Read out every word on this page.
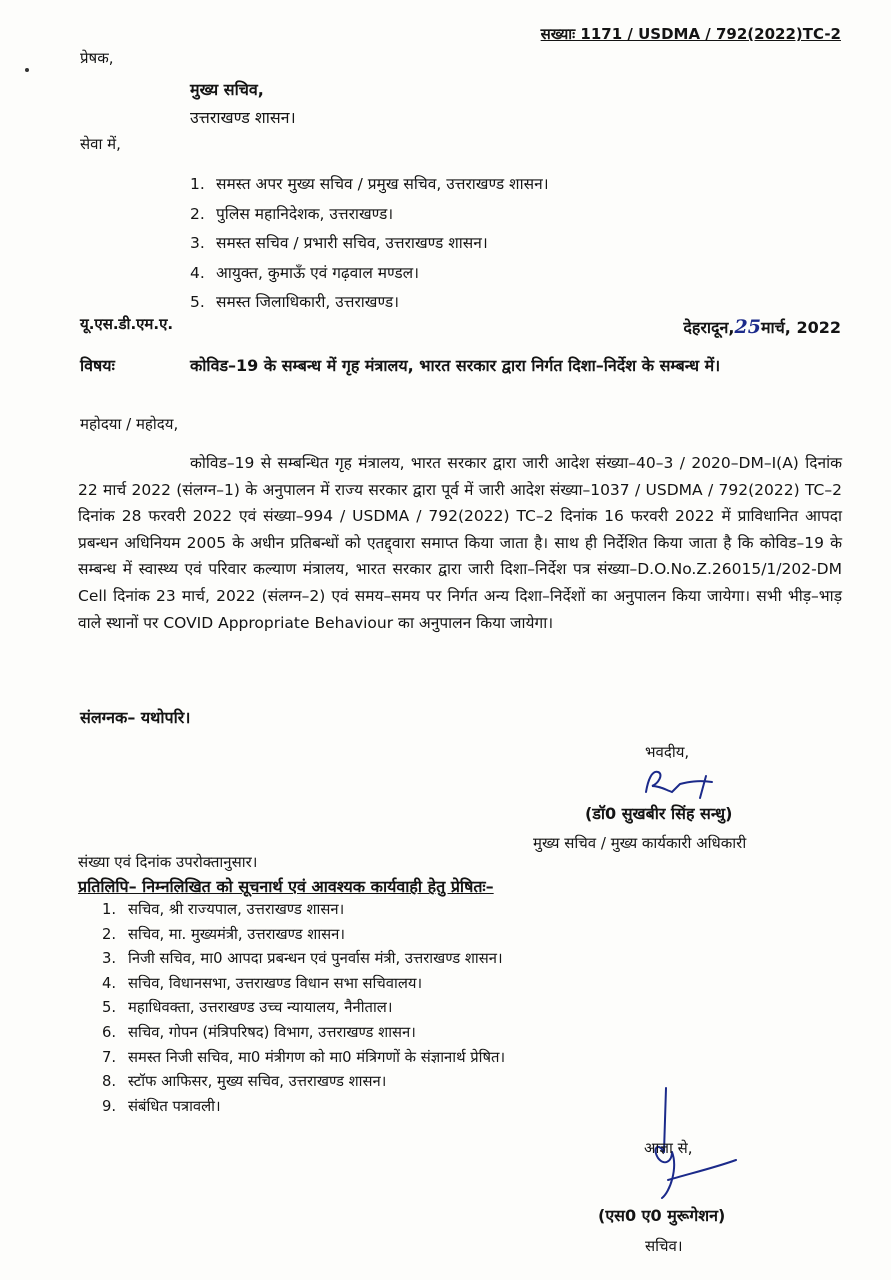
सख्याः 1171 / USDMA / 792(2022)TC-2
प्रेषक,
मुख्य सचिव,
उत्तराखण्ड शासन।
सेवा में,
1. समस्त अपर मुख्य सचिव / प्रमुख सचिव, उत्तराखण्ड शासन।
2. पुलिस महानिदेशक, उत्तराखण्ड।
3. समस्त सचिव / प्रभारी सचिव, उत्तराखण्ड शासन।
4. आयुक्त, कुमाऊँ एवं गढ़वाल मण्डल।
5. समस्त जिलाधिकारी, उत्तराखण्ड।
यू.एस.डी.एम.ए.	देहरादून,25मार्च, 2022
विषयः	कोविड–19 के सम्बन्ध में गृह मंत्रालय, भारत सरकार द्वारा निर्गत दिशा–निर्देश के सम्बन्ध में।
महोदया / महोदय,
कोविड–19 से सम्बन्धित गृह मंत्रालय, भारत सरकार द्वारा जारी आदेश संख्या–40–3 / 2020–DM–I(A) दिनांक 22 मार्च 2022 (संलग्न–1) के अनुपालन में राज्य सरकार द्वारा पूर्व में जारी आदेश संख्या–1037 / USDMA / 792(2022) TC–2 दिनांक 28 फरवरी 2022 एवं संख्या–994 / USDMA / 792(2022) TC–2 दिनांक 16 फरवरी 2022 में प्राविधानित आपदा प्रबन्धन अधिनियम 2005 के अधीन प्रतिबन्धों को एतद्द्वारा समाप्त किया जाता है। साथ ही निर्देशित किया जाता है कि कोविड–19 के सम्बन्ध में स्वास्थ्य एवं परिवार कल्याण मंत्रालय, भारत सरकार द्वारा जारी दिशा–निर्देश पत्र संख्या–D.O.No.Z.26015/1/202-DM Cell दिनांक 23 मार्च, 2022 (संलग्न–2) एवं समय–समय पर निर्गत अन्य दिशा–निर्देशों का अनुपालन किया जायेगा। सभी भीड़–भाड़ वाले स्थानों पर COVID Appropriate Behaviour का अनुपालन किया जायेगा।
संलग्नक– यथोपरि।
भवदीय,
(डॉ0 सुखबीर सिंह सन्धु)
मुख्य सचिव / मुख्य कार्यकारी अधिकारी
संख्या एवं दिनांक उपरोक्तानुसार।
प्रतिलिपि– निम्नलिखित को सूचनार्थ एवं आवश्यक कार्यवाही हेतु प्रेषितः–
1. सचिव, श्री राज्यपाल, उत्तराखण्ड शासन।
2. सचिव, मा. मुख्यमंत्री, उत्तराखण्ड शासन।
3. निजी सचिव, मा0 आपदा प्रबन्धन एवं पुनर्वास मंत्री, उत्तराखण्ड शासन।
4. सचिव, विधानसभा, उत्तराखण्ड विधान सभा सचिवालय।
5. महाधिवक्ता, उत्तराखण्ड उच्च न्यायालय, नैनीताल।
6. सचिव, गोपन (मंत्रिपरिषद) विभाग, उत्तराखण्ड शासन।
7. समस्त निजी सचिव, मा0 मंत्रीगण को मा0 मंत्रिगणों के संज्ञानार्थ प्रेषित।
8. स्टॉफ आफिसर, मुख्य सचिव, उत्तराखण्ड शासन।
9. संबंधित पत्रावली।
आज्ञा से,
(एस0 ए0 मुरूगेशन)
सचिव।
